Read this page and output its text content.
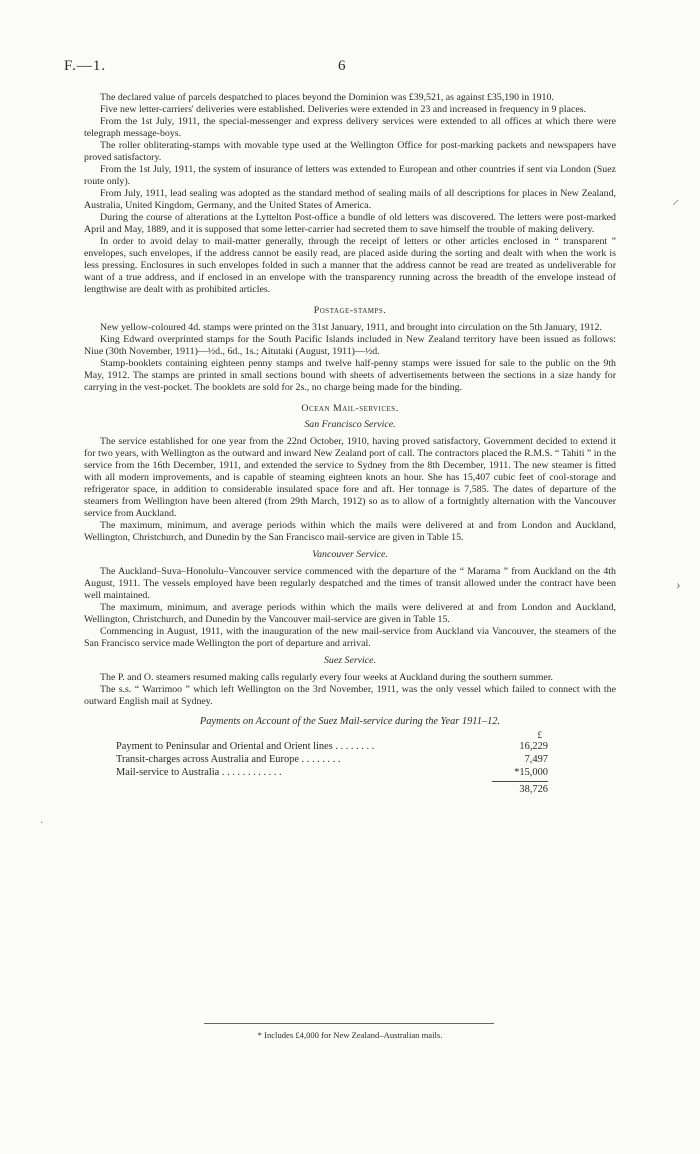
F.—1.	6

The declared value of parcels despatched to places beyond the Dominion was £39,521, as against £35,190 in 1910.

Five new letter-carriers' deliveries were established. Deliveries were extended in 23 and increased in frequency in 9 places.

From the 1st July, 1911, the special-messenger and express delivery services were extended to all offices at which there were telegraph message-boys.

The roller obliterating-stamps with movable type used at the Wellington Office for post-marking packets and newspapers have proved satisfactory.

From the 1st July, 1911, the system of insurance of letters was extended to European and other countries if sent via London (Suez route only).

From July, 1911, lead sealing was adopted as the standard method of sealing mails of all descriptions for places in New Zealand, Australia, United Kingdom, Germany, and the United States of America.

During the course of alterations at the Lyttelton Post-office a bundle of old letters was discovered. The letters were post-marked April and May, 1889, and it is supposed that some letter-carrier had secreted them to save himself the trouble of making delivery.

In order to avoid delay to mail-matter generally, through the receipt of letters or other articles enclosed in “ transparent ” envelopes, such envelopes, if the address cannot be easily read, are placed aside during the sorting and dealt with when the work is less pressing. Enclosures in such envelopes folded in such a manner that the address cannot be read are treated as undeliverable for want of a true address, and if enclosed in an envelope with the transparency running across the breadth of the envelope instead of lengthwise are dealt with as prohibited articles.

Postage-stamps.

New yellow-coloured 4d. stamps were printed on the 31st January, 1911, and brought into circulation on the 5th January, 1912.

King Edward overprinted stamps for the South Pacific Islands included in New Zealand territory have been issued as follows: Niue (30th November, 1911)—½d., 6d., 1s.; Aitutaki (August, 1911)—½d.

Stamp-booklets containing eighteen penny stamps and twelve half-penny stamps were issued for sale to the public on the 9th May, 1912. The stamps are printed in small sections bound with sheets of advertisements between the sections in a size handy for carrying in the vest-pocket. The booklets are sold for 2s., no charge being made for the binding.

Ocean Mail-services.
San Francisco Service.

The service established for one year from the 22nd October, 1910, having proved satisfactory, Government decided to extend it for two years, with Wellington as the outward and inward New Zealand port of call. The contractors placed the R.M.S. “ Tahiti ” in the service from the 16th December, 1911, and extended the service to Sydney from the 8th December, 1911. The new steamer is fitted with all modern improvements, and is capable of steaming eighteen knots an hour. She has 15,407 cubic feet of cool-storage and refrigerator space, in addition to considerable insulated space fore and aft. Her tonnage is 7,585. The dates of departure of the steamers from Wellington have been altered (from 29th March, 1912) so as to allow of a fortnightly alternation with the Vancouver service from Auckland.

The maximum, minimum, and average periods within which the mails were delivered at and from London and Auckland, Wellington, Christchurch, and Dunedin by the San Francisco mail-service are given in Table 15.

Vancouver Service.

The Auckland–Suva–Honolulu–Vancouver service commenced with the departure of the “ Marama ” from Auckland on the 4th August, 1911. The vessels employed have been regularly despatched and the times of transit allowed under the contract have been well maintained.

The maximum, minimum, and average periods within which the mails were delivered at and from London and Auckland, Wellington, Christchurch, and Dunedin by the Vancouver mail-service are given in Table 15.

Commencing in August, 1911, with the inauguration of the new mail-service from Auckland via Vancouver, the steamers of the San Francisco service made Wellington the port of departure and arrival.

Suez Service.

The P. and O. steamers resumed making calls regularly every four weeks at Auckland during the southern summer.

The s.s. “ Warrimoo ” which left Wellington on the 3rd November, 1911, was the only vessel which failed to connect with the outward English mail at Sydney.

Payments on Account of the Suez Mail-service during the Year 1911–12.
£
Payment to Peninsular and Oriental and Orient lines . . . . . . . .	16,229
Transit-charges across Australia and Europe . . . . . . . .	7,497
Mail-service to Australia . . . . . . . . . . . .	*15,000
38,726
* Includes £4,000 for New Zealand–Australian mails.
⸝
›
·
